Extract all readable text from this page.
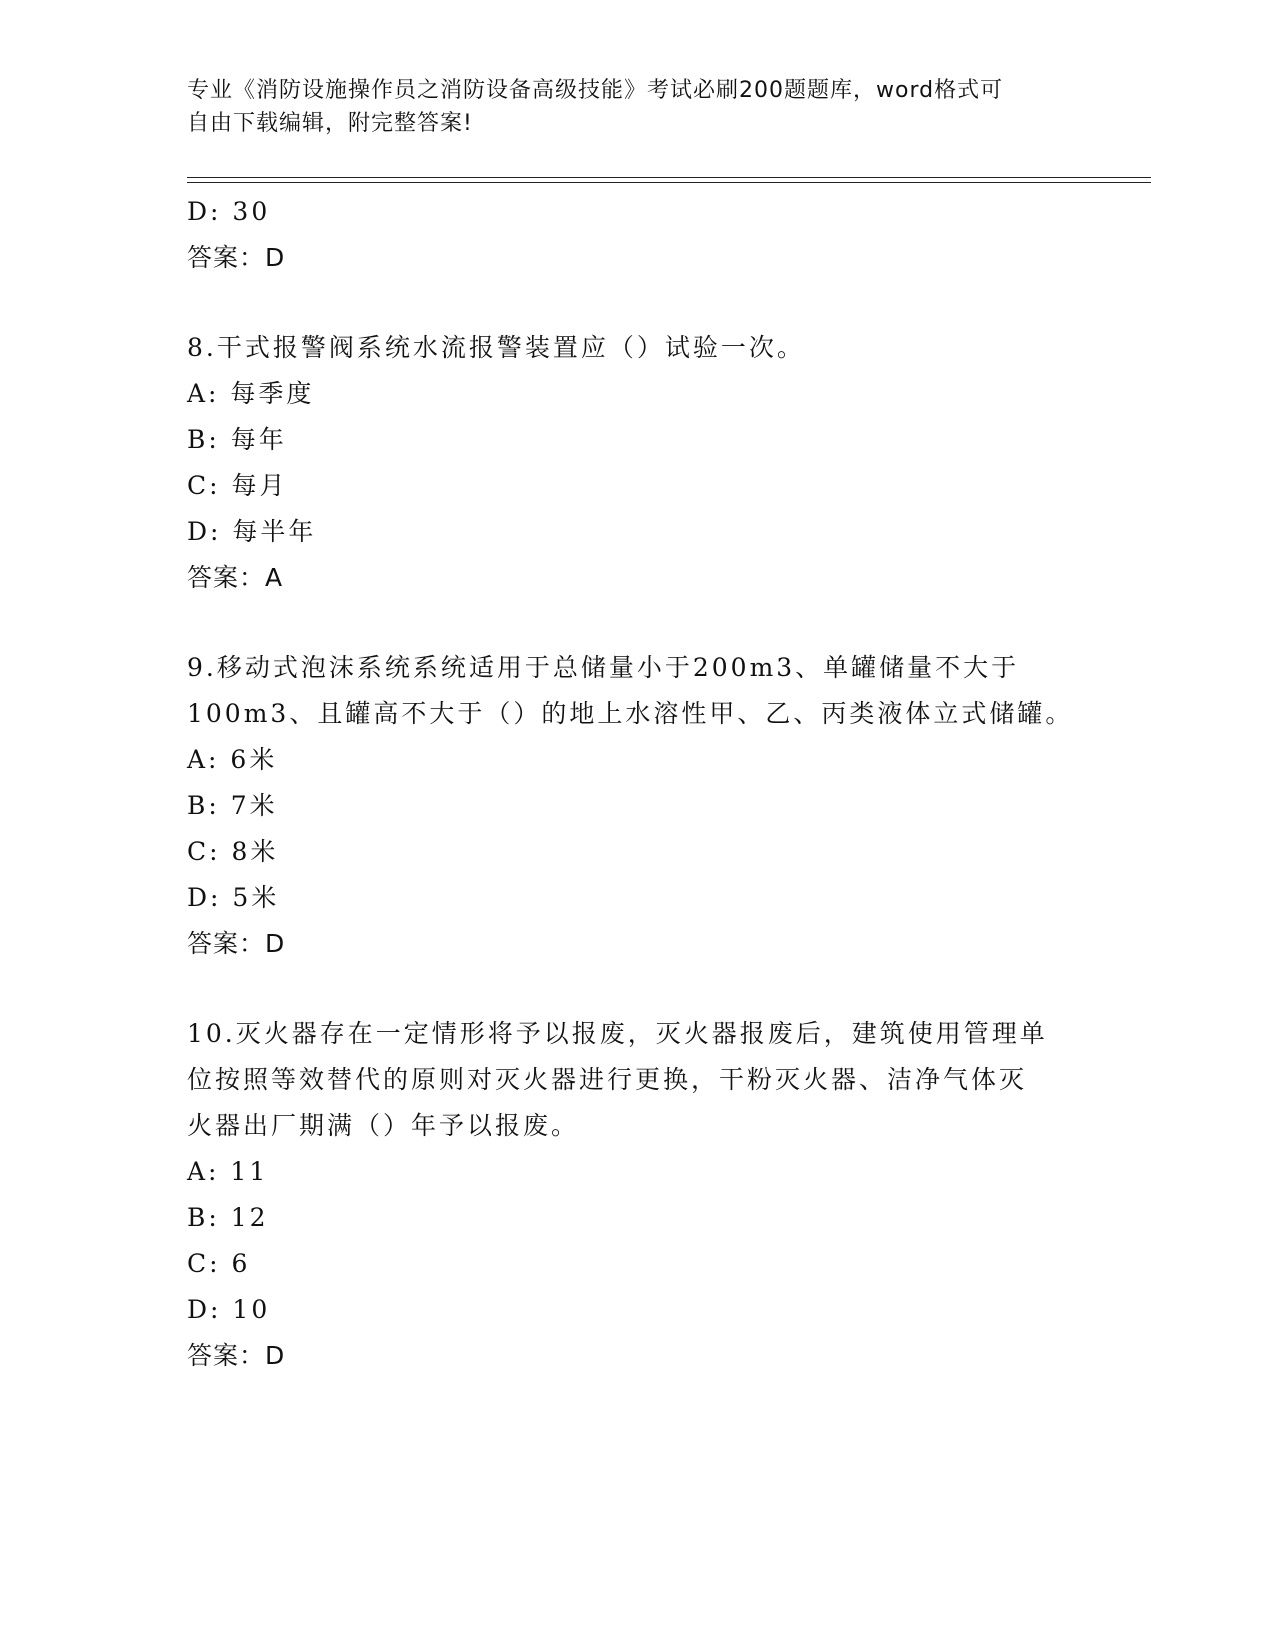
专业《消防设施操作员之消防设备高级技能》考试必刷200题题库，word格式可
自由下载编辑，附完整答案!
D: 30
答案：D
8.干式报警阀系统水流报警装置应（）试验一次。
A: 每季度
B: 每年
C: 每月
D: 每半年
答案：A
9.移动式泡沫系统系统适用于总储量小于200m3、单罐储量不大于
100m3、且罐高不大于（）的地上水溶性甲、乙、丙类液体立式储罐。
A: 6米
B: 7米
C: 8米
D: 5米
答案：D
10.灭火器存在一定情形将予以报废，灭火器报废后，建筑使用管理单
位按照等效替代的原则对灭火器进行更换，干粉灭火器、洁净气体灭
火器出厂期满（）年予以报废。
A: 11
B: 12
C: 6
D: 10
答案：D
